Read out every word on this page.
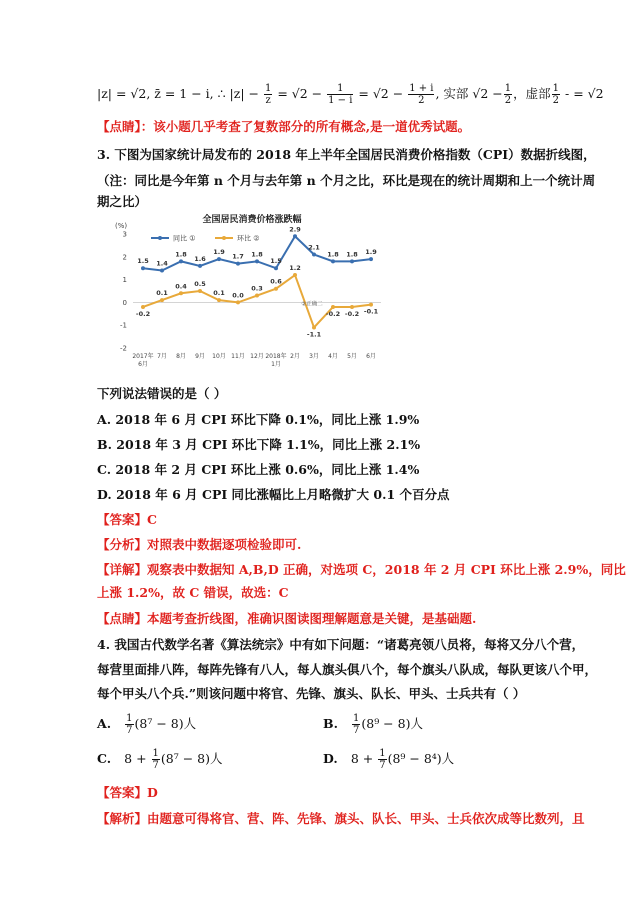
|z| = √2, z̄ = 1 − i, ∴ $|z| - \frac{1}{z} = √2 - \frac{1}{1 - i} = √2 - \frac{1 + i}{2}$ , 实部 $√2 - \frac{1}{2}$ ，虚部 $\frac{1}{2}$ - = √2
【点睛】：该小题几乎考查了复数部分的所有概念,是一道优秀试题。
3. 下图为国家统计局发布的 2018 年上半年全国居民消费价格指数（CPI）数据折线图，
（注：同比是今年第 n 个月与去年第 n 个月之比，环比是现在的统计周期和上一个统计周
期之比）
全国居民消费价格涨跌幅
(%)
3
2
1
0
-1
-2
2017年
6月
7月 8月 9月 10月 11月 12月 2018年
1月
2月 3月 4月 5月 6月
同比 ①	环比 ②
1.5 1.4
1.8
1.6
1.9
1.7 1.8
1.5
2.9
2.1
1.8 1.8 1.9
-0.2
0.1
0.4 0.5
0.1 0.0
0.3
0.6
1.2
-1.1
-0.2 -0.2 -0.1
②正确二
下列说法错误的是（ ）
A. 2018 年 6 月 CPI 环比下降 0.1%，同比上涨 1.9%
B. 2018 年 3 月 CPI 环比下降 1.1%，同比上涨 2.1%
C. 2018 年 2 月 CPI 环比上涨 0.6%，同比上涨 1.4%
D. 2018 年 6 月 CPI 同比涨幅比上月略微扩大 0.1 个百分点
【答案】C
【分析】对照表中数据逐项检验即可.
【详解】观察表中数据知 A,B,D 正确，对选项 C，2018 年 2 月 CPI 环比上涨 2.9%，同比
上涨 1.2%，故 C 错误，故选：C
【点睛】本题考查折线图，准确识图读图理解题意是关键，是基础题.
4. 我国古代数学名著《算法统宗》中有如下问题：“诸葛亮领八员将，每将又分八个营，
每营里面排八阵，每阵先锋有八人，每人旗头俱八个，每个旗头八队成，每队更该八个甲，
每个甲头八个兵.”则该问题中将官、先锋、旗头、队长、甲头、士兵共有（ ）
A. $\frac{1}{7} (8^7 - 8)$人	B. $\frac{1}{7} (8^9 - 8)$人
C. $8 + \frac{1}{7} (8^7 - 8)$人	D. $8 + \frac{1}{7} (8^9 - 8^4)$人
【答案】D
【解析】由题意可得将官、营、阵、先锋、旗头、队长、甲头、士兵依次成等比数列，且
